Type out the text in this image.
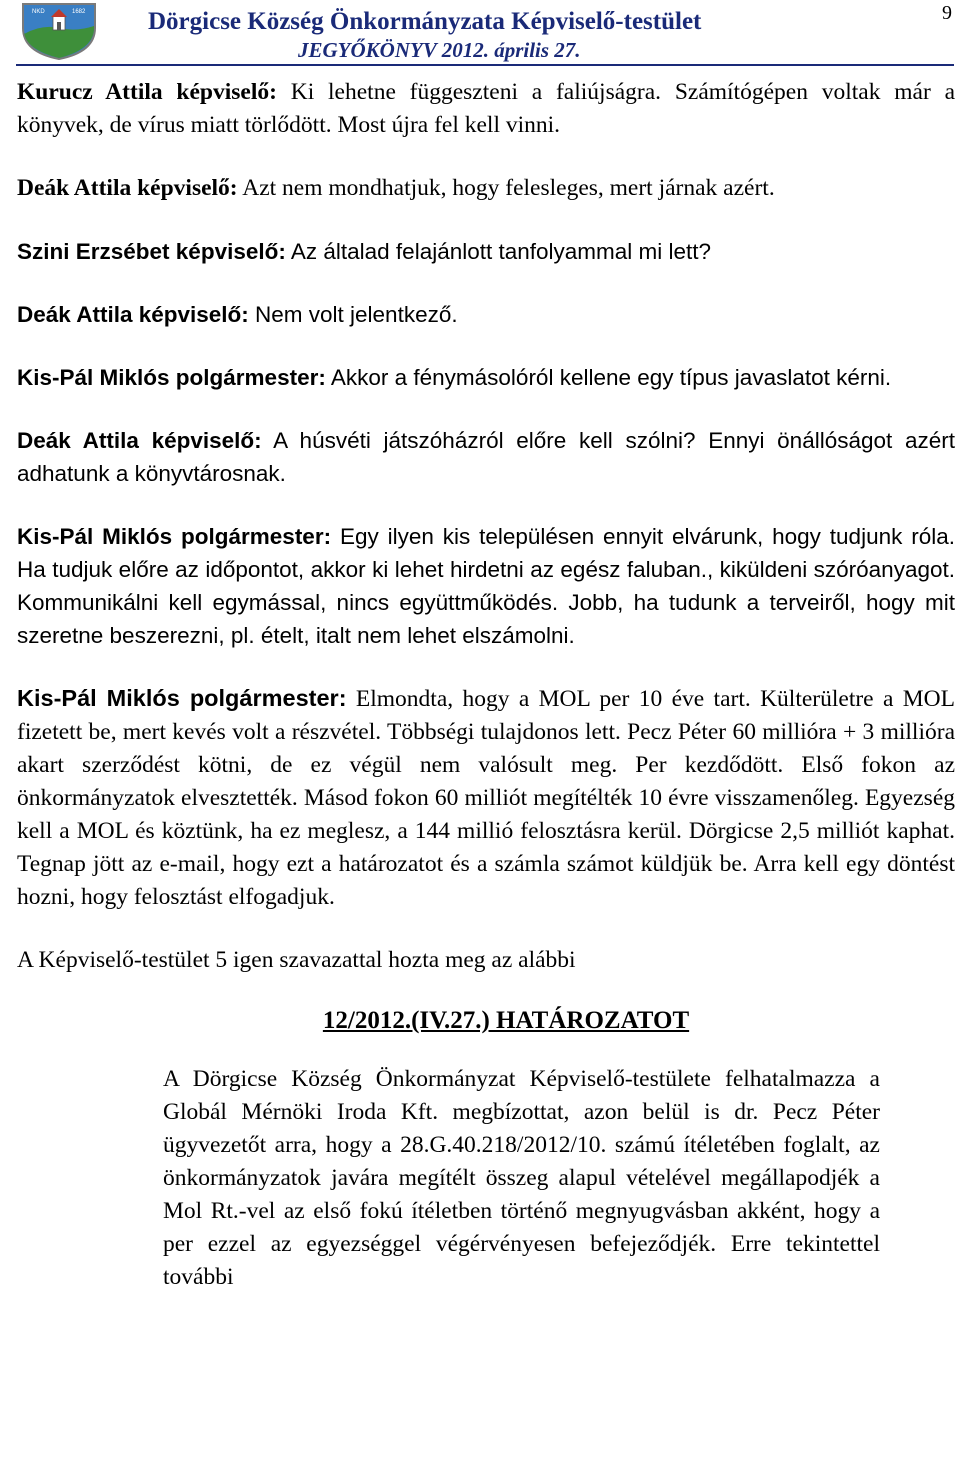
NKD	1682	Dörgicse Község Önkormányzata Képviselő-testület
JEGYŐKÖNYV 2012. április 27.
9

Kurucz Attila képviselő: Ki lehetne függeszteni a faliújságra. Számítógépen voltak már a könyvek, de vírus miatt törlődött. Most újra fel kell vinni.

Deák Attila képviselő: Azt nem mondhatjuk, hogy felesleges, mert járnak azért.

Szini Erzsébet képviselő: Az általad felajánlott tanfolyammal mi lett?

Deák Attila képviselő: Nem volt jelentkező.

Kis-Pál Miklós polgármester: Akkor a fénymásolóról kellene egy típus javaslatot kérni.

Deák Attila képviselő: A húsvéti játszóházról előre kell szólni? Ennyi önállóságot azért adhatunk a könyvtárosnak.

Kis-Pál Miklós polgármester: Egy ilyen kis településen ennyit elvárunk, hogy tudjunk róla. Ha tudjuk előre az időpontot, akkor ki lehet hirdetni az egész faluban., kiküldeni szóróanyagot. Kommunikálni kell egymással, nincs együttműködés. Jobb, ha tudunk a terveiről, hogy mit szeretne beszerezni, pl. ételt, italt nem lehet elszámolni.

Kis-Pál Miklós polgármester: Elmondta, hogy a MOL per 10 éve tart. Külterületre a MOL fizetett be, mert kevés volt a részvétel. Többségi tulajdonos lett. Pecz Péter 60 millióra + 3 millióra akart szerződést kötni, de ez végül nem valósult meg. Per kezdődött. Első fokon az önkormányzatok elvesztették. Másod fokon 60 milliót megítélték 10 évre visszamenőleg. Egyezség kell a MOL és köztünk, ha ez meglesz, a 144 millió felosztásra kerül. Dörgicse 2,5 milliót kaphat. Tegnap jött az e-mail, hogy ezt a határozatot és a számla számot küldjük be. Arra kell egy döntést hozni, hogy felosztást elfogadjuk.

A Képviselő-testület 5 igen szavazattal hozta meg az alábbi

12/2012.(IV.27.) HATÁROZATOT
A Dörgicse Község Önkormányzat Képviselő-testülete felhatalmazza a Globál Mérnöki Iroda Kft. megbízottat, azon belül is dr. Pecz Péter ügyvezetőt arra, hogy a 28.G.40.218/2012/10. számú ítéletében foglalt, az önkormányzatok javára megítélt összeg alapul vételével megállapodjék a Mol Rt.-vel az első fokú ítéletben történő megnyugvásban akként, hogy a per ezzel az egyezséggel végérvényesen befejeződjék. Erre tekintettel további
